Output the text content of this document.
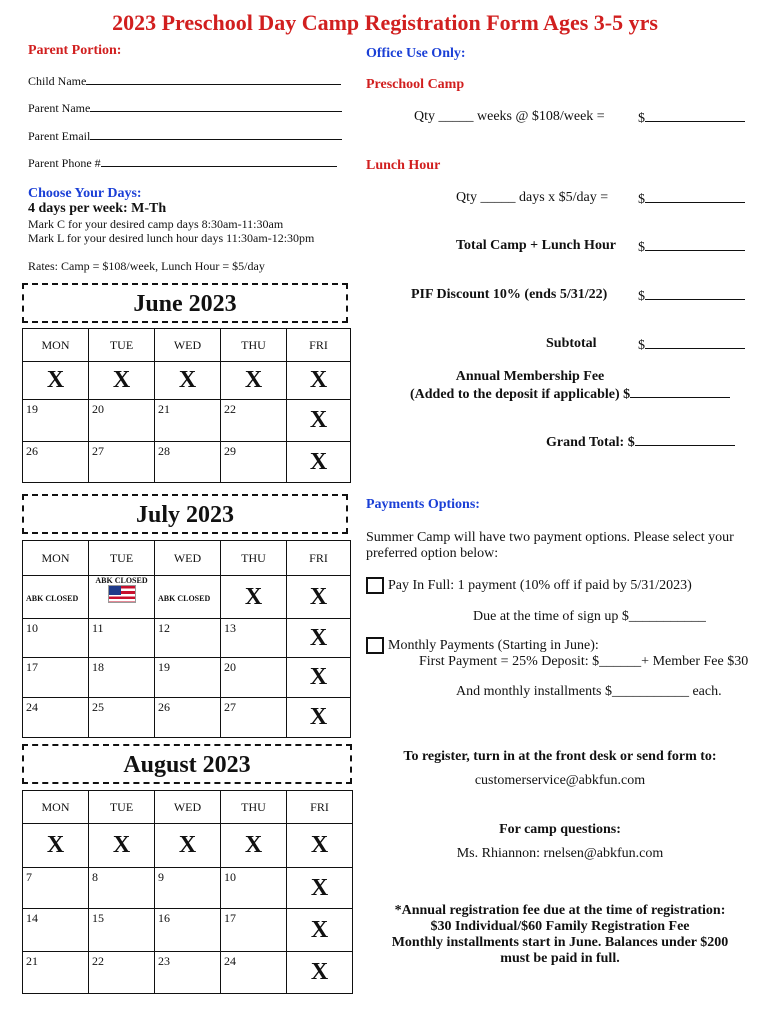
2023 Preschool Day Camp Registration Form Ages 3-5 yrs
Parent Portion:
Child Name
Parent Name
Parent Email
Parent Phone #
Choose Your Days:
4 days per week: M-Th
Mark C for your desired camp days 8:30am-11:30am
Mark L for your desired lunch hour days 11:30am-12:30pm
Rates: Camp = $108/week, Lunch Hour = $5/day
June 2023
MON	TUE	WED	THU	FRI
X	X	X	X	X
19	20	21	22	X
26	27	28	29	X
July 2023
MON	TUE	WED	THU	FRI
ABK CLOSED	ABK CLOSED	ABK CLOSED	X	X
10	11	12	13	X
17	18	19	20	X
24	25	26	27	X
August 2023
MON	TUE	WED	THU	FRI
X	X	X	X	X
7	8	9	10	X
14	15	16	17	X
21	22	23	24	X
Office Use Only:
Preschool Camp
Qty _____ weeks @ $108/week = $
Lunch Hour
Qty _____ days x $5/day = $
Total Camp + Lunch Hour $
PIF Discount 10% (ends 5/31/22) $
Subtotal	$
Annual Membership Fee
(Added to the deposit if applicable) $
Grand Total: $
Payments Options:
Summer Camp will have two payment options. Please select your preferred option below:
Pay In Full: 1 payment (10% off if paid by 5/31/2023)
Due at the time of sign up $___________
Monthly Payments (Starting in June):
First Payment = 25% Deposit: $______+ Member Fee $30
And monthly installments $___________ each.
To register, turn in at the front desk or send form to:
customerservice@abkfun.com
For camp questions:
Ms. Rhiannon: rnelsen@abkfun.com
*Annual registration fee due at the time of registration:
$30 Individual/$60 Family Registration Fee
Monthly installments start in June. Balances under $200
must be paid in full.
